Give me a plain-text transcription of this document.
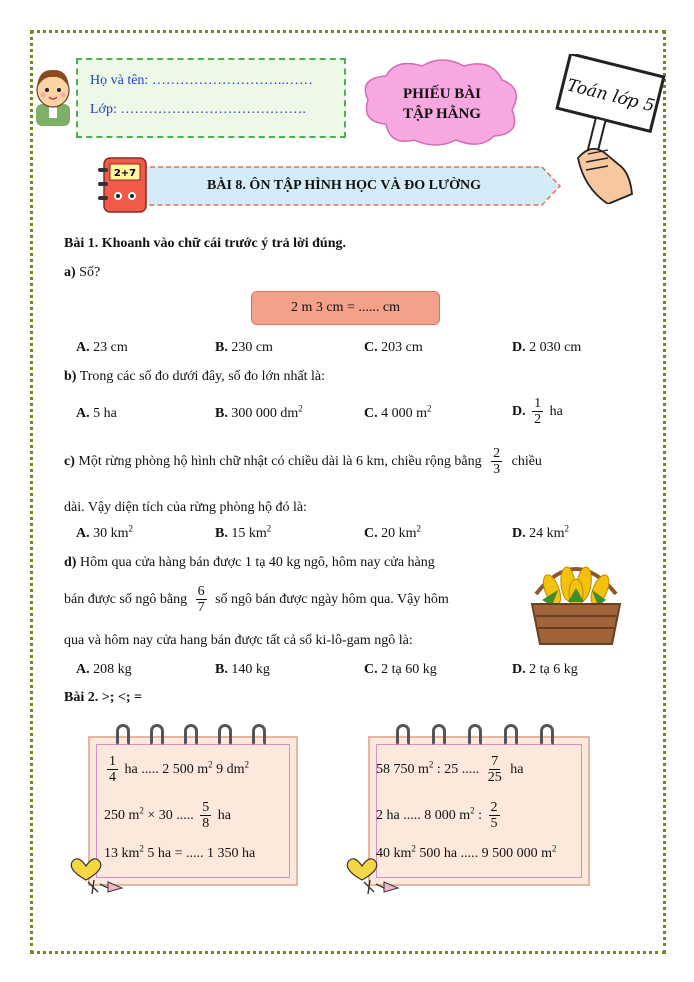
Họ và tên: ………………………..……
Lớp: ………………………………….
PHIẾU BÀI
TẬP HẰNG	Toán lớp 5
2+7
BÀI 8. ÔN TẬP HÌNH HỌC VÀ ĐO LƯỜNG
Bài 1. Khoanh vào chữ cái trước ý trả lời đúng.
a) Số?
2 m 3 cm = ...... cm
A. 23 cm	B. 230 cm	C. 203 cm	D. 2 030 cm
b) Trong các số đo dưới đây, số đo lớn nhất là:
A. 5 ha	B. 300 000 $dm^2$	C. 4 000 $m^2$	D. $\frac{1}{2}$ ha
c) Một rừng phòng hộ hình chữ nhật có chiều dài là 6 km, chiều rộng bằng $\frac{2}{3}$ chiều
dài. Vậy diện tích của rừng phòng hộ đó là:
A. 30 $km^2$	B. 15 $km^2$	C. 20 $km^2$	D. 24 $km^2$
d) Hôm qua cửa hàng bán được 1 tạ 40 kg ngô, hôm nay cửa hàng
bán được số ngô bằng $\frac{6}{7}$ số ngô bán được ngày hôm qua. Vậy hôm
qua và hôm nay cửa hang bán được tất cả số ki-lô-gam ngô là:
A. 208 kg	B. 140 kg	C. 2 tạ 60 kg	D. 2 tạ 6 kg
Bài 2. >; <; =
$\frac{1}{4}$ ha ..... 2 500 $m^2$ 9 $dm^2$
250 $m^2 \times 30$ ..... $\frac{5}{8}$ ha
13 $km^2$ 5 ha = ..... 1 350 ha
58 750 $m^2$ : 25 ..... $\frac{7}{25}$ ha
2 ha ..... 8 000 $m^2$ : $\frac{2}{5}$
40 $km^2$ 500 ha ..... 9 500 000 $m^2$
